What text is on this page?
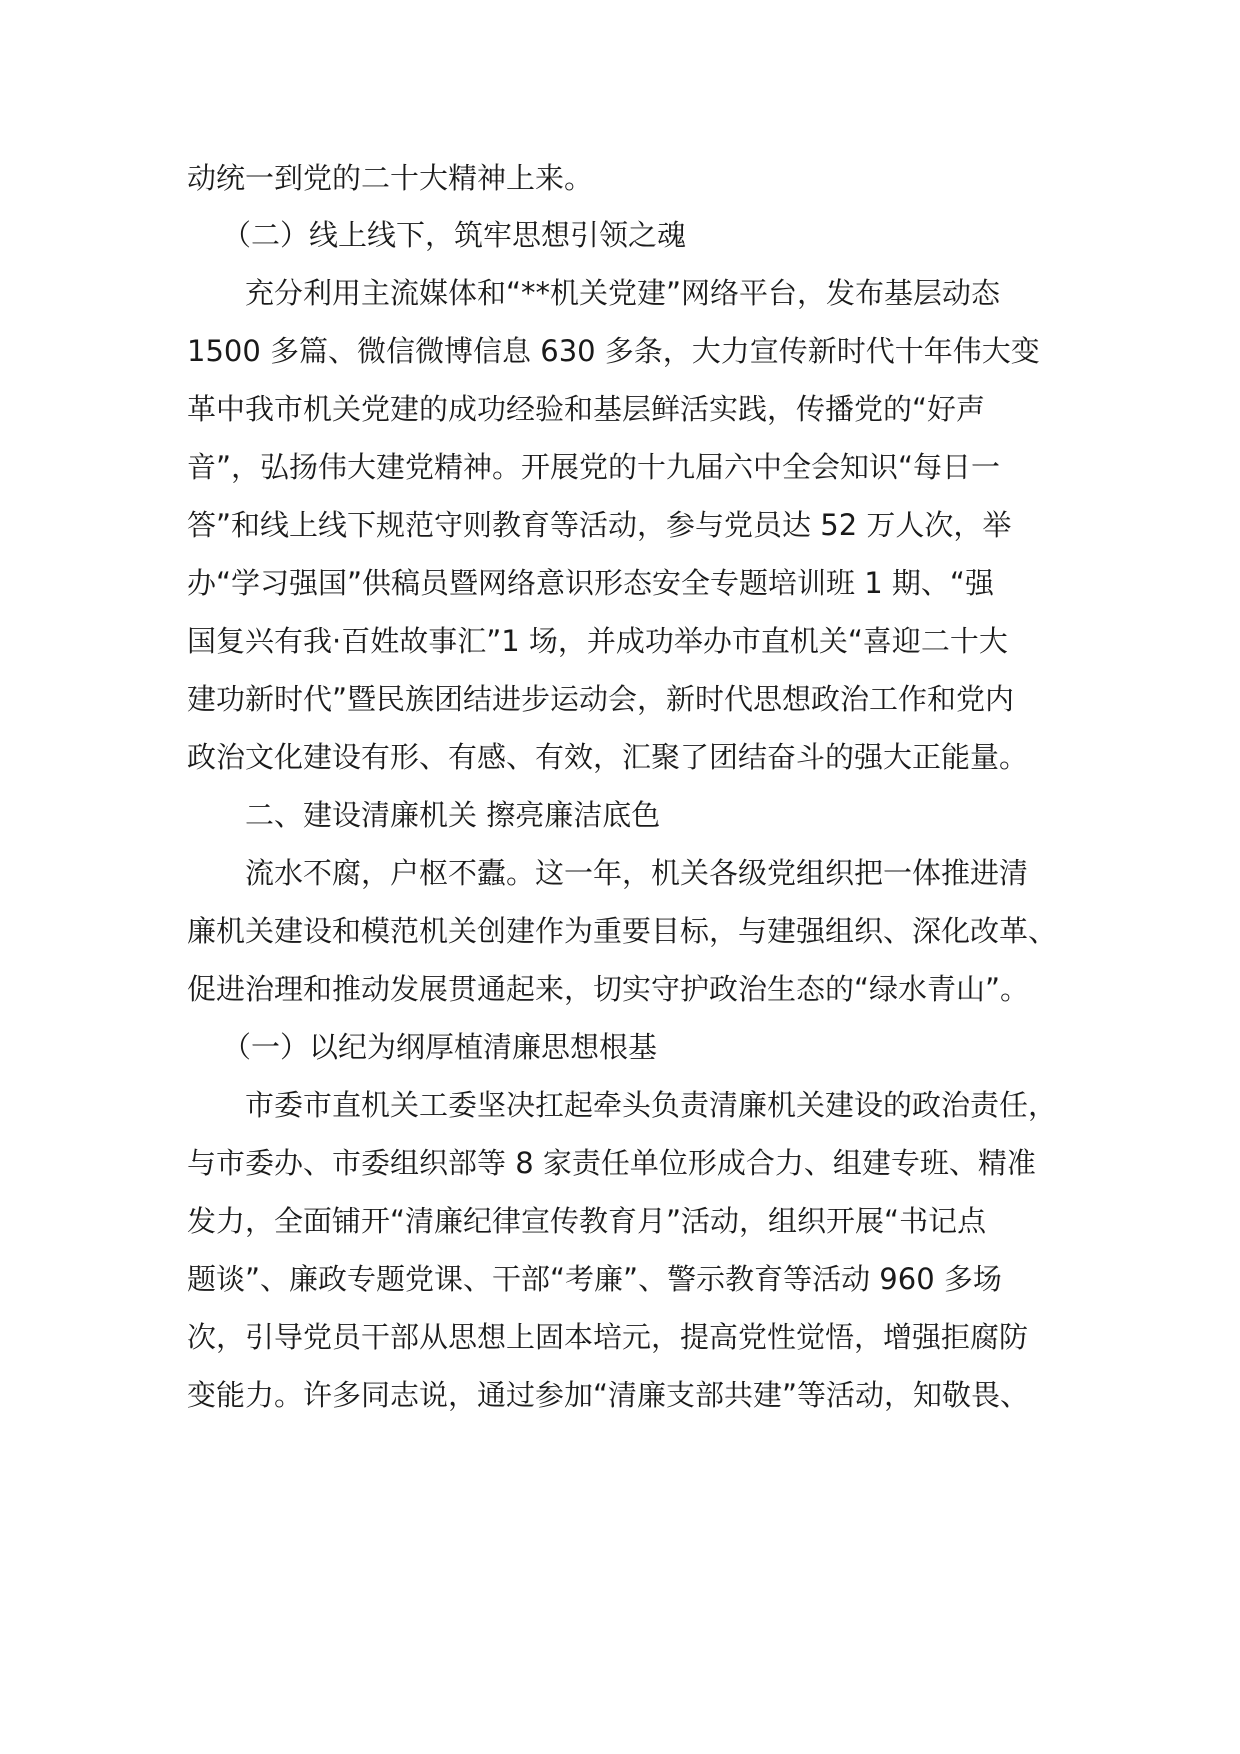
动统一到党的二十大精神上来。
（二）线上线下，筑牢思想引领之魂
充分利用主流媒体和“**机关党建”网络平台，发布基层动态
1500 多篇、微信微博信息 630 多条，大力宣传新时代十年伟大变
革中我市机关党建的成功经验和基层鲜活实践，传播党的“好声
音”，弘扬伟大建党精神。开展党的十九届六中全会知识“每日一
答”和线上线下规范守则教育等活动，参与党员达 52 万人次，举
办“学习强国”供稿员暨网络意识形态安全专题培训班 1 期、“强
国复兴有我·百姓故事汇”1 场，并成功举办市直机关“喜迎二十大
建功新时代”暨民族团结进步运动会，新时代思想政治工作和党内
政治文化建设有形、有感、有效，汇聚了团结奋斗的强大正能量。
二、建设清廉机关 擦亮廉洁底色
流水不腐，户枢不蠹。这一年，机关各级党组织把一体推进清
廉机关建设和模范机关创建作为重要目标，与建强组织、深化改革、
促进治理和推动发展贯通起来，切实守护政治生态的“绿水青山”。
（一）以纪为纲厚植清廉思想根基
市委市直机关工委坚决扛起牵头负责清廉机关建设的政治责任，
与市委办、市委组织部等 8 家责任单位形成合力、组建专班、精准
发力，全面铺开“清廉纪律宣传教育月”活动，组织开展“书记点
题谈”、廉政专题党课、干部“考廉”、警示教育等活动 960 多场
次，引导党员干部从思想上固本培元，提高党性觉悟，增强拒腐防
变能力。许多同志说，通过参加“清廉支部共建”等活动，知敬畏、
